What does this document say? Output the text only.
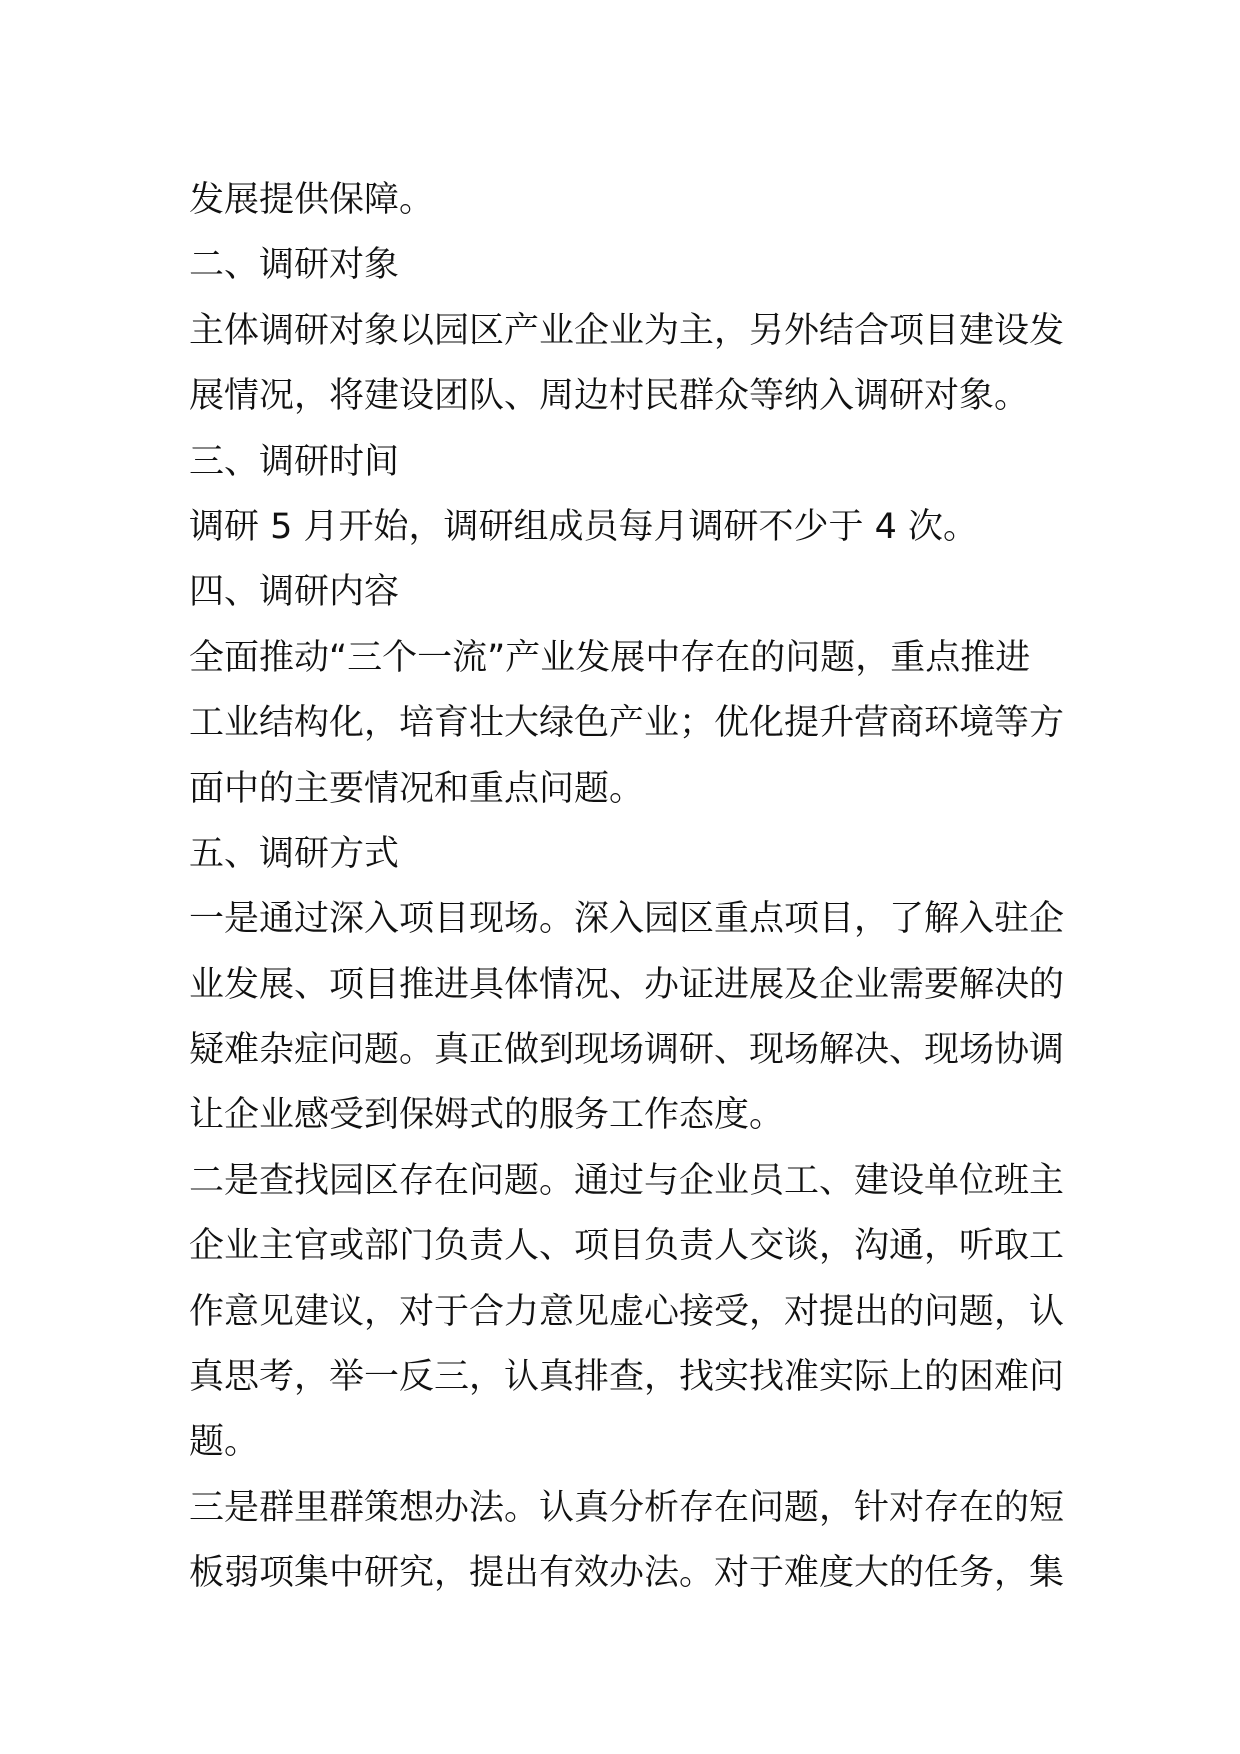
发展提供保障。
二、调研对象
主体调研对象以园区产业企业为主，另外结合项目建设发
展情况，将建设团队、周边村民群众等纳入调研对象。
三、调研时间
调研 5 月开始，调研组成员每月调研不少于 4 次。
四、调研内容
全面推动“三个一流”产业发展中存在的问题，重点推进
工业结构化，培育壮大绿色产业；优化提升营商环境等方
面中的主要情况和重点问题。
五、调研方式
一是通过深入项目现场。深入园区重点项目，了解入驻企
业发展、项目推进具体情况、办证进展及企业需要解决的
疑难杂症问题。真正做到现场调研、现场解决、现场协调
让企业感受到保姆式的服务工作态度。
二是查找园区存在问题。通过与企业员工、建设单位班主
企业主官或部门负责人、项目负责人交谈，沟通，听取工
作意见建议，对于合力意见虚心接受，对提出的问题，认
真思考，举一反三，认真排查，找实找准实际上的困难问
题。
三是群里群策想办法。认真分析存在问题，针对存在的短
板弱项集中研究，提出有效办法。对于难度大的任务，集
